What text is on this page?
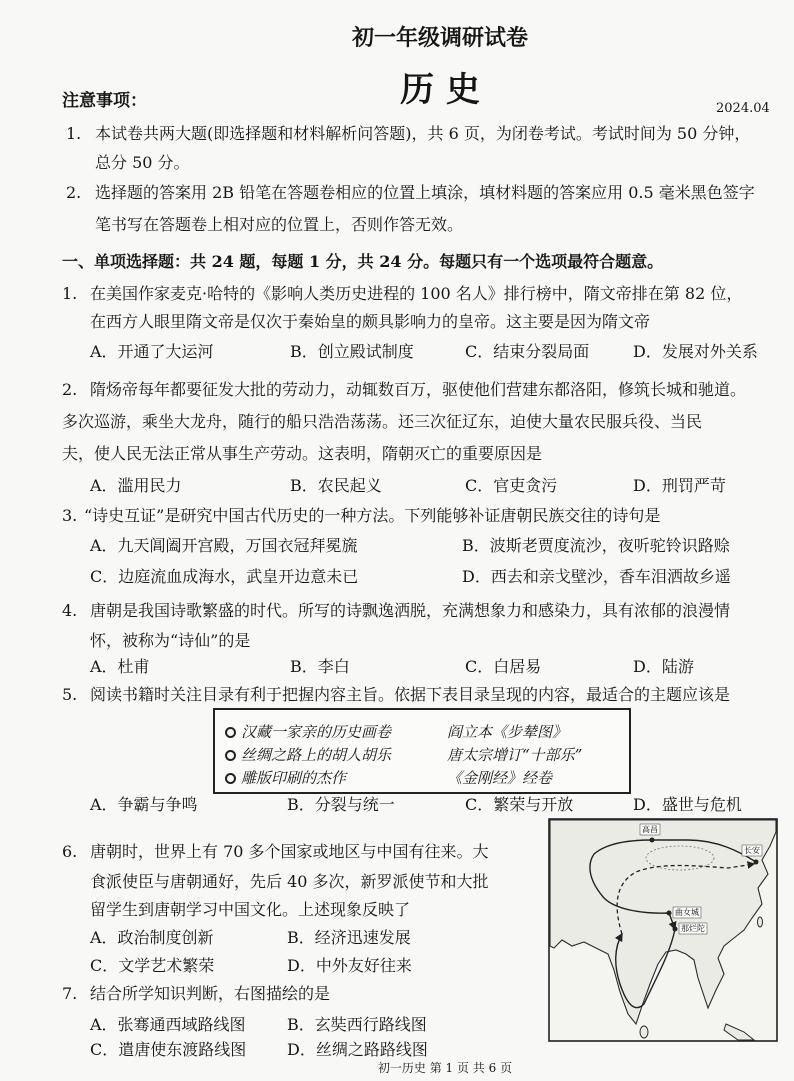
初一年级调研试卷
历 史
注意事项：	2024.04
1. 本试卷共两大题(即选择题和材料解析问答题)，共 6 页，为闭卷考试。考试时间为 50 分钟，
总分 50 分。
2. 选择题的答案用 2B 铅笔在答题卷相应的位置上填涂，填材料题的答案应用 0.5 毫米黑色签字
笔书写在答题卷上相对应的位置上，否则作答无效。
一、单项选择题：共 24 题，每题 1 分，共 24 分。每题只有一个选项最符合题意。
1. 在美国作家麦克·哈特的《影响人类历史进程的 100 名人》排行榜中，隋文帝排在第 82 位，
在西方人眼里隋文帝是仅次于秦始皇的颇具影响力的皇帝。这主要是因为隋文帝
A．开通了大运河	B．创立殿试制度	C．结束分裂局面	D．发展对外关系
2. 隋炀帝每年都要征发大批的劳动力，动辄数百万，驱使他们营建东都洛阳，修筑长城和驰道。
多次巡游，乘坐大龙舟，随行的船只浩浩荡荡。还三次征辽东，迫使大量农民服兵役、当民
夫，使人民无法正常从事生产劳动。这表明，隋朝灭亡的重要原因是
A．滥用民力	B．农民起义	C．官吏贪污	D．刑罚严苛
3. “诗史互证”是研究中国古代历史的一种方法。下列能够补证唐朝民族交往的诗句是
A．九天阊阖开宫殿，万国衣冠拜冕旒	B．波斯老贾度流沙，夜听驼铃识路赊
C．边庭流血成海水，武皇开边意未已	D．西去和亲戈壁沙，香车泪洒故乡遥
4. 唐朝是我国诗歌繁盛的时代。所写的诗飘逸洒脱，充满想象力和感染力，具有浓郁的浪漫情
怀，被称为“诗仙”的是
A．杜甫	B．李白	C．白居易	D．陆游
5. 阅读书籍时关注目录有利于把握内容主旨。依据下表目录呈现的内容，最适合的主题应该是
汉藏一家亲的历史画卷	阎立本《步辇图》
丝绸之路上的胡人胡乐	唐太宗增订“十部乐”
雕版印刷的杰作	《金刚经》经卷
A．争霸与争鸣	B．分裂与统一	C．繁荣与开放	D．盛世与危机
6. 唐朝时，世界上有 70 多个国家或地区与中国有往来。大
食派使臣与唐朝通好，先后 40 多次，新罗派使节和大批
留学生到唐朝学习中国文化。上述现象反映了
A．政治制度创新	B．经济迅速发展
C．文学艺术繁荣	D．中外友好往来
7. 结合所学知识判断，右图描绘的是
A．张骞通西域路线图	B．玄奘西行路线图
C．遣唐使东渡路线图	D．丝绸之路路线图
高昌
长安
曲女城
那烂陀
初一历史 第 1 页 共 6 页
